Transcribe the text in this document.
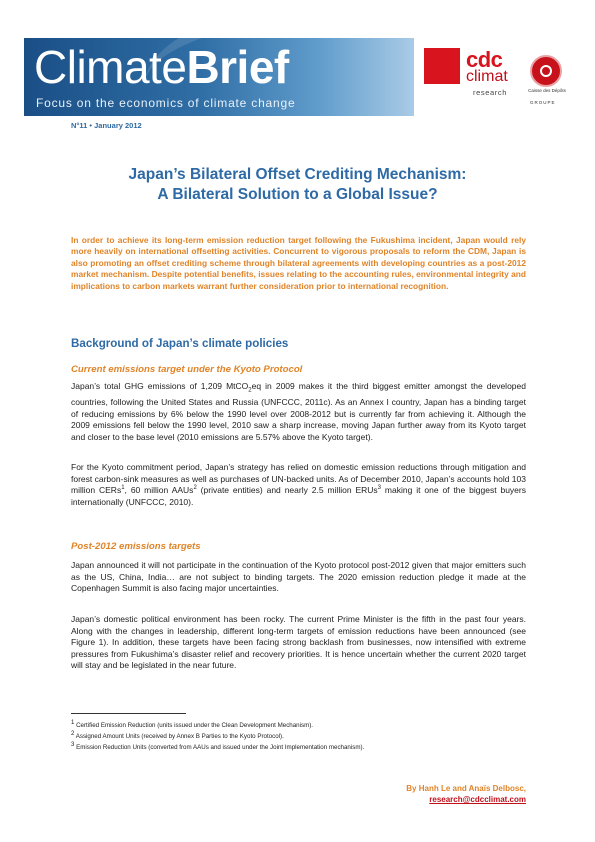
ClimateBrief
Focus on the economics of climate change
cdc
climat
research	Caisse des Dépôts
GROUPE
N°11 • January 2012
Japan’s Bilateral Offset Crediting Mechanism:
A Bilateral Solution to a Global Issue?
In order to achieve its long-term emission reduction target following the Fukushima incident, Japan would rely more heavily on international offsetting activities. Concurrent to vigorous proposals to reform the CDM, Japan is also promoting an offset crediting scheme through bilateral agreements with developing countries as a post-2012 market mechanism. Despite potential benefits, issues relating to the accounting rules, environmental integrity and implications to carbon markets warrant further consideration prior to international recognition.
Background of Japan’s climate policies
Current emissions target under the Kyoto Protocol
Japan’s total GHG emissions of 1,209 MtCO$_2$eq in 2009 makes it the third biggest emitter amongst the developed countries, following the United States and Russia (UNFCCC, 2011c). As an Annex I country, Japan has a binding target of reducing emissions by 6% below the 1990 level over 2008-2012 but is currently far from achieving it. Although the 2009 emissions fell below the 1990 level, 2010 saw a sharp increase, moving Japan further away from its Kyoto target and closer to the base level (2010 emissions are 5.57% above the Kyoto target).
For the Kyoto commitment period, Japan’s strategy has relied on domestic emission reductions through mitigation and forest carbon-sink measures as well as purchases of UN-backed units. As of December 2010, Japan’s accounts hold 103 million CERs$^1$, 60 million AAUs$^2$ (private entities) and nearly 2.5 million ERUs$^3$ making it one of the biggest buyers internationally (UNFCCC, 2010).
Post-2012 emissions targets
Japan announced it will not participate in the continuation of the Kyoto protocol post-2012 given that major emitters such as the US, China, India… are not subject to binding targets. The 2020 emission reduction pledge it made at the Copenhagen Summit is also facing major uncertainties.
Japan’s domestic political environment has been rocky. The current Prime Minister is the fifth in the past four years. Along with the changes in leadership, different long-term targets of emission reductions have been announced (see Figure 1). In addition, these targets have been facing strong backlash from businesses, now intensified with extreme pressures from Fukushima’s disaster relief and recovery priorities. It is hence uncertain whether the current 2020 target will stay and be legislated in the near future.
$^1$ Certified Emission Reduction (units issued under the Clean Development Mechanism).
$^2$ Assigned Amount Units (received by Annex B Parties to the Kyoto Protocol).
$^3$ Emission Reduction Units (converted from AAUs and issued under the Joint Implementation mechanism).
By Hanh Le and Anaïs Delbosc,
research@cdcclimat.com
